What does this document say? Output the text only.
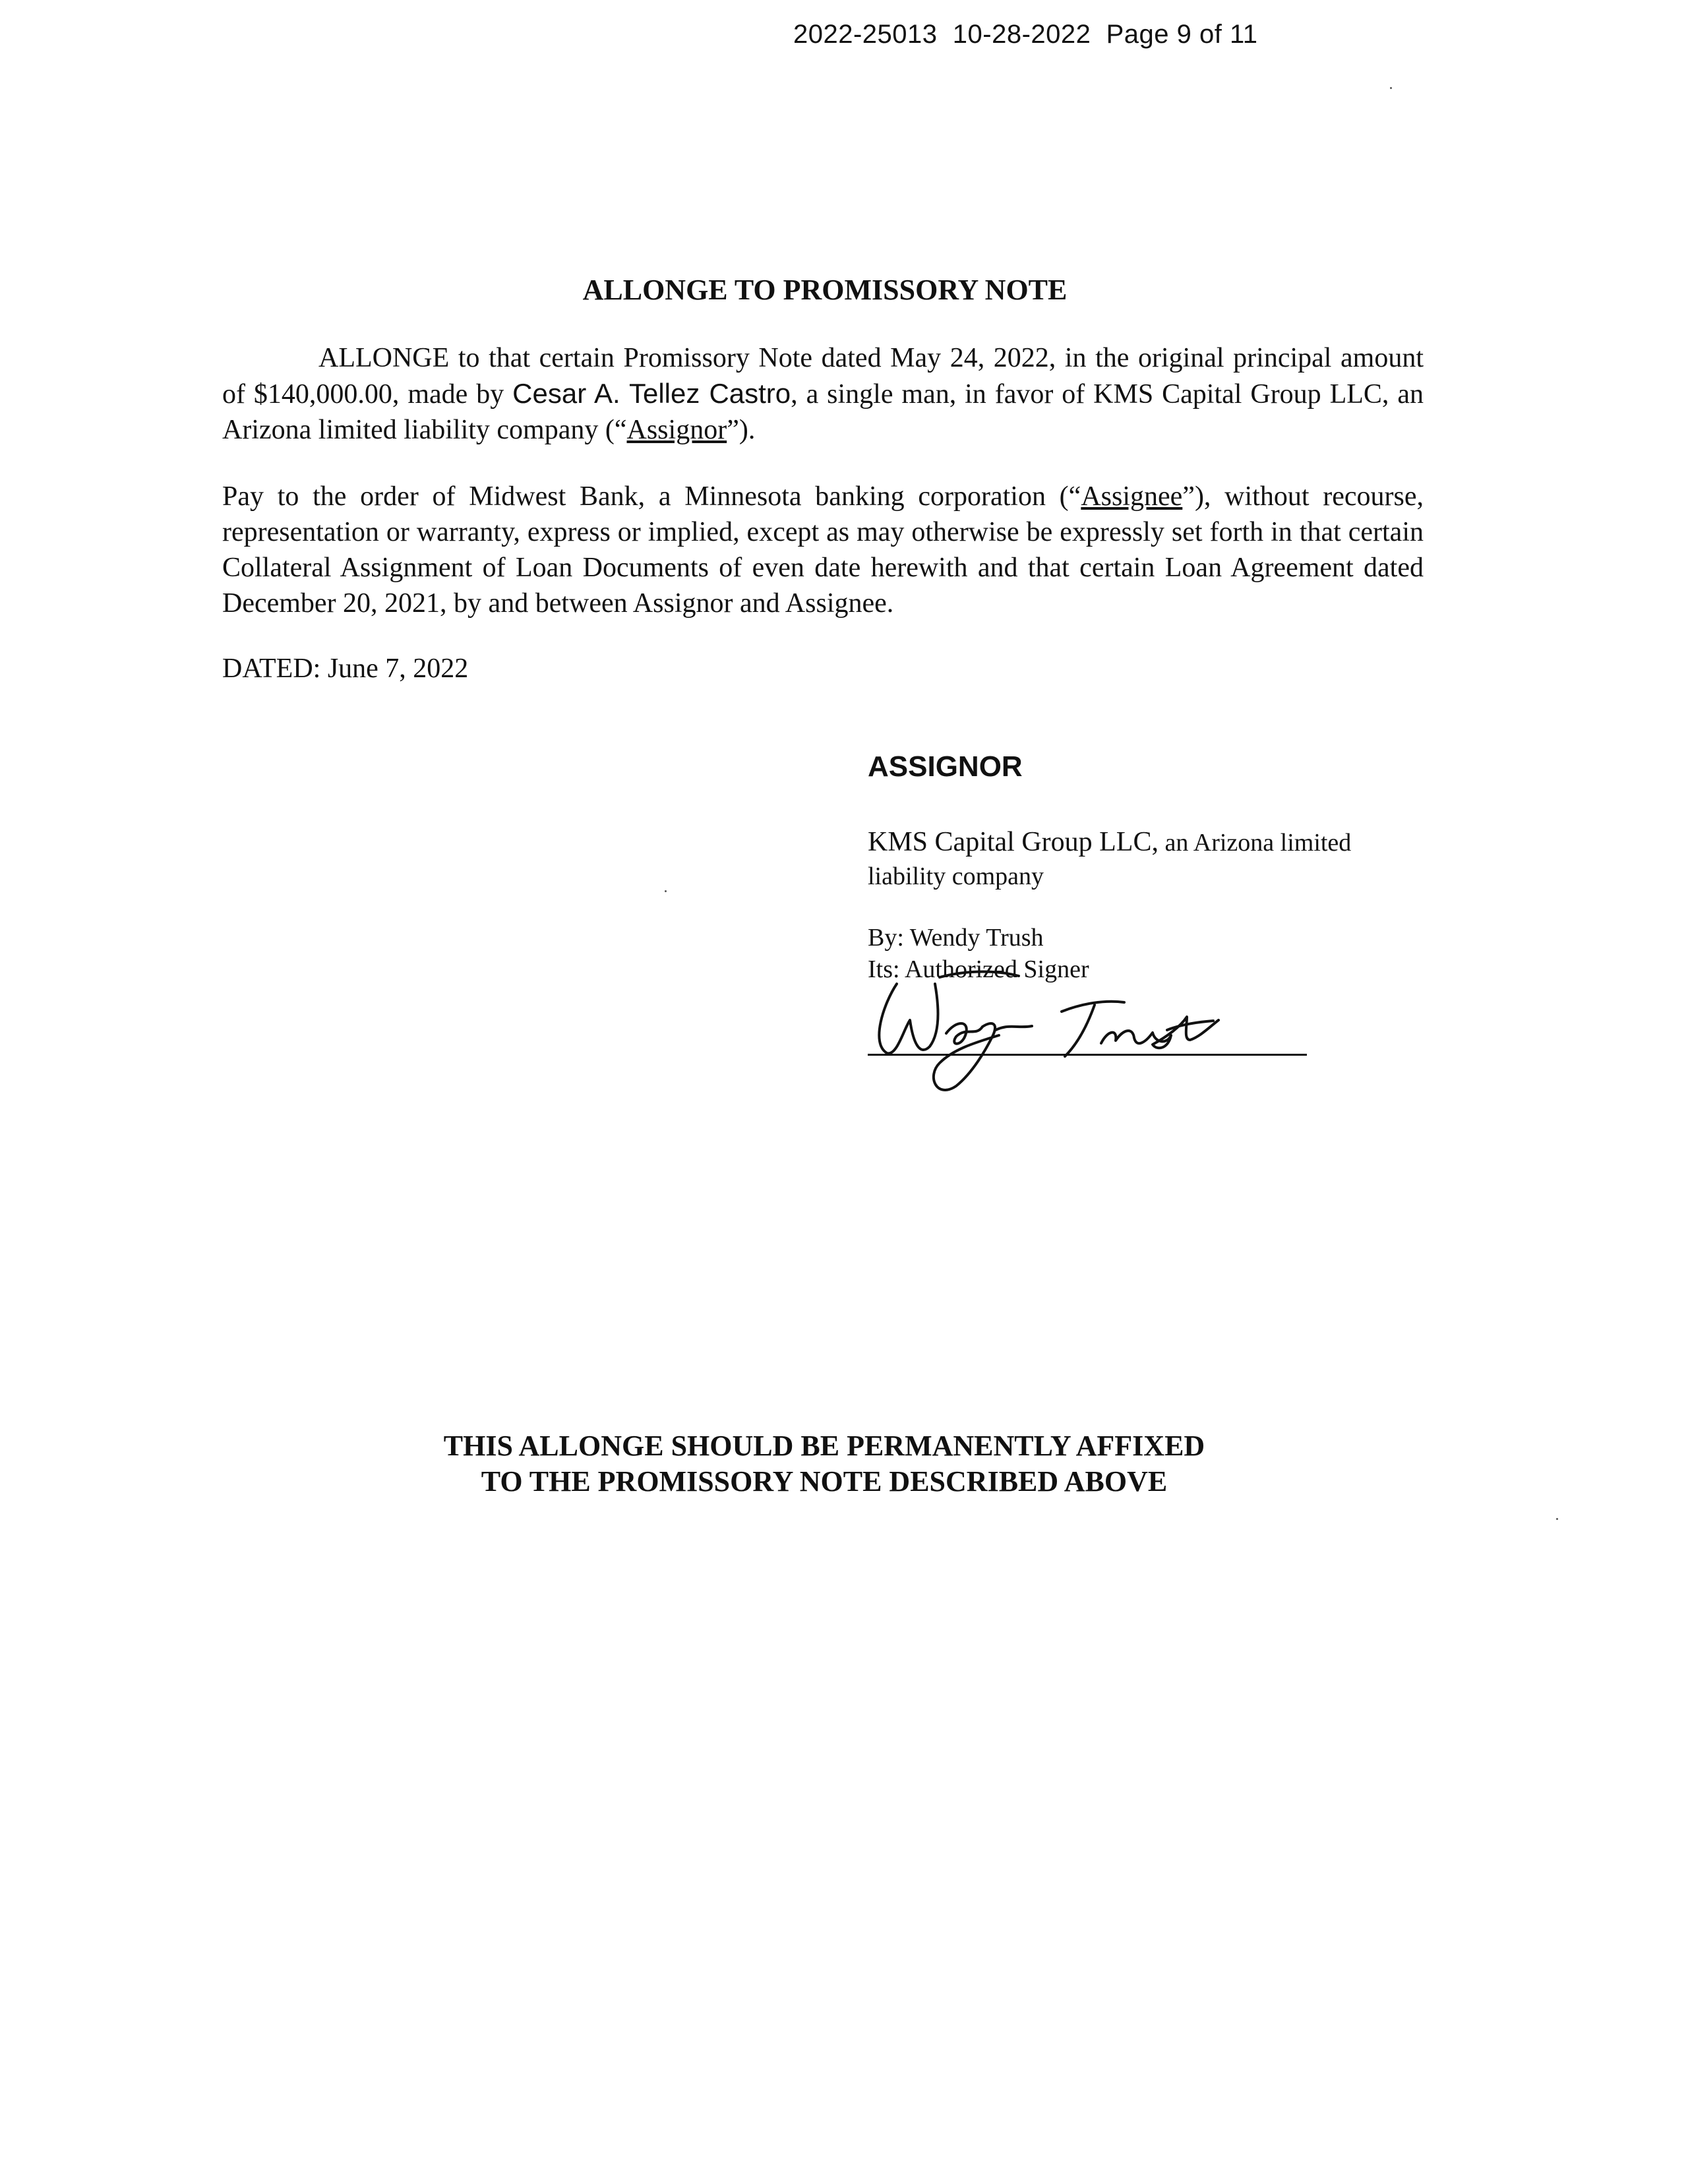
2022-25013  10-28-2022  Page 9 of 11
ALLONGE TO PROMISSORY NOTE
ALLONGE to that certain Promissory Note dated May 24, 2022, in the original principal amount of $140,000.00, made by Cesar A. Tellez Castro, a single man, in favor of KMS Capital Group LLC, an Arizona limited liability company (“Assignor”).
Pay to the order of Midwest Bank, a Minnesota banking corporation (“Assignee”), without recourse, representation or warranty, express or implied, except as may otherwise be expressly set forth in that certain Collateral Assignment of Loan Documents of even date herewith and that certain Loan Agreement dated December 20, 2021, by and between Assignor and Assignee.
DATED: June 7, 2022
ASSIGNOR
KMS Capital Group LLC, an Arizona limited liability company
By: Wendy Trush
Its: Authorized Signer
THIS ALLONGE SHOULD BE PERMANENTLY AFFIXED
TO THE PROMISSORY NOTE DESCRIBED ABOVE
